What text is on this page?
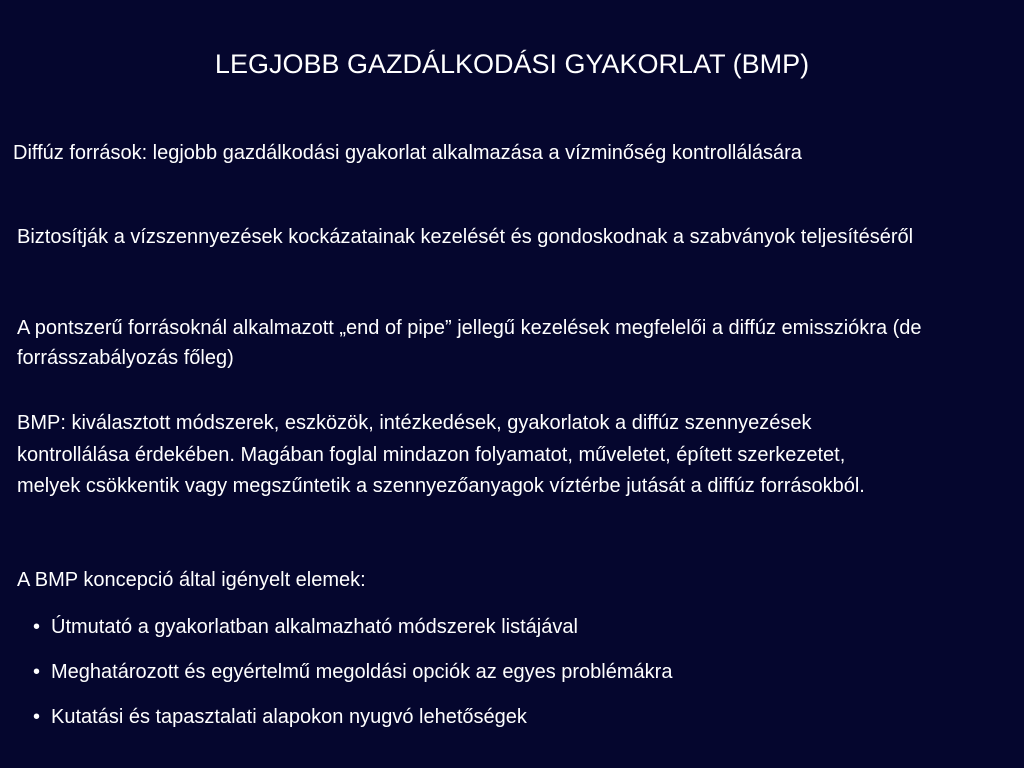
LEGJOBB GAZDÁLKODÁSI GYAKORLAT (BMP)

Diffúz források: legjobb gazdálkodási gyakorlat alkalmazása a vízminőség kontrollálására

Biztosítják a vízszennyezések kockázatainak kezelését és gondoskodnak a szabványok teljesítéséről

A pontszerű forrásoknál alkalmazott „end of pipe” jellegű kezelések megfelelői a diffúz emissziókra (de forrásszabályozás főleg)

BMP: kiválasztott módszerek, eszközök, intézkedések, gyakorlatok a diffúz szennyezések kontrollálása érdekében. Magában foglal mindazon folyamatot, műveletet, épített szerkezetet, melyek csökkentik vagy megszűntetik a szennyezőanyagok víztérbe jutását a diffúz forrásokból.

A BMP koncepció által igényelt elemek:

• Útmutató a gyakorlatban alkalmazható módszerek listájával
• Meghatározott és egyértelmű megoldási opciók az egyes problémákra
• Kutatási és tapasztalati alapokon nyugvó lehetőségek
